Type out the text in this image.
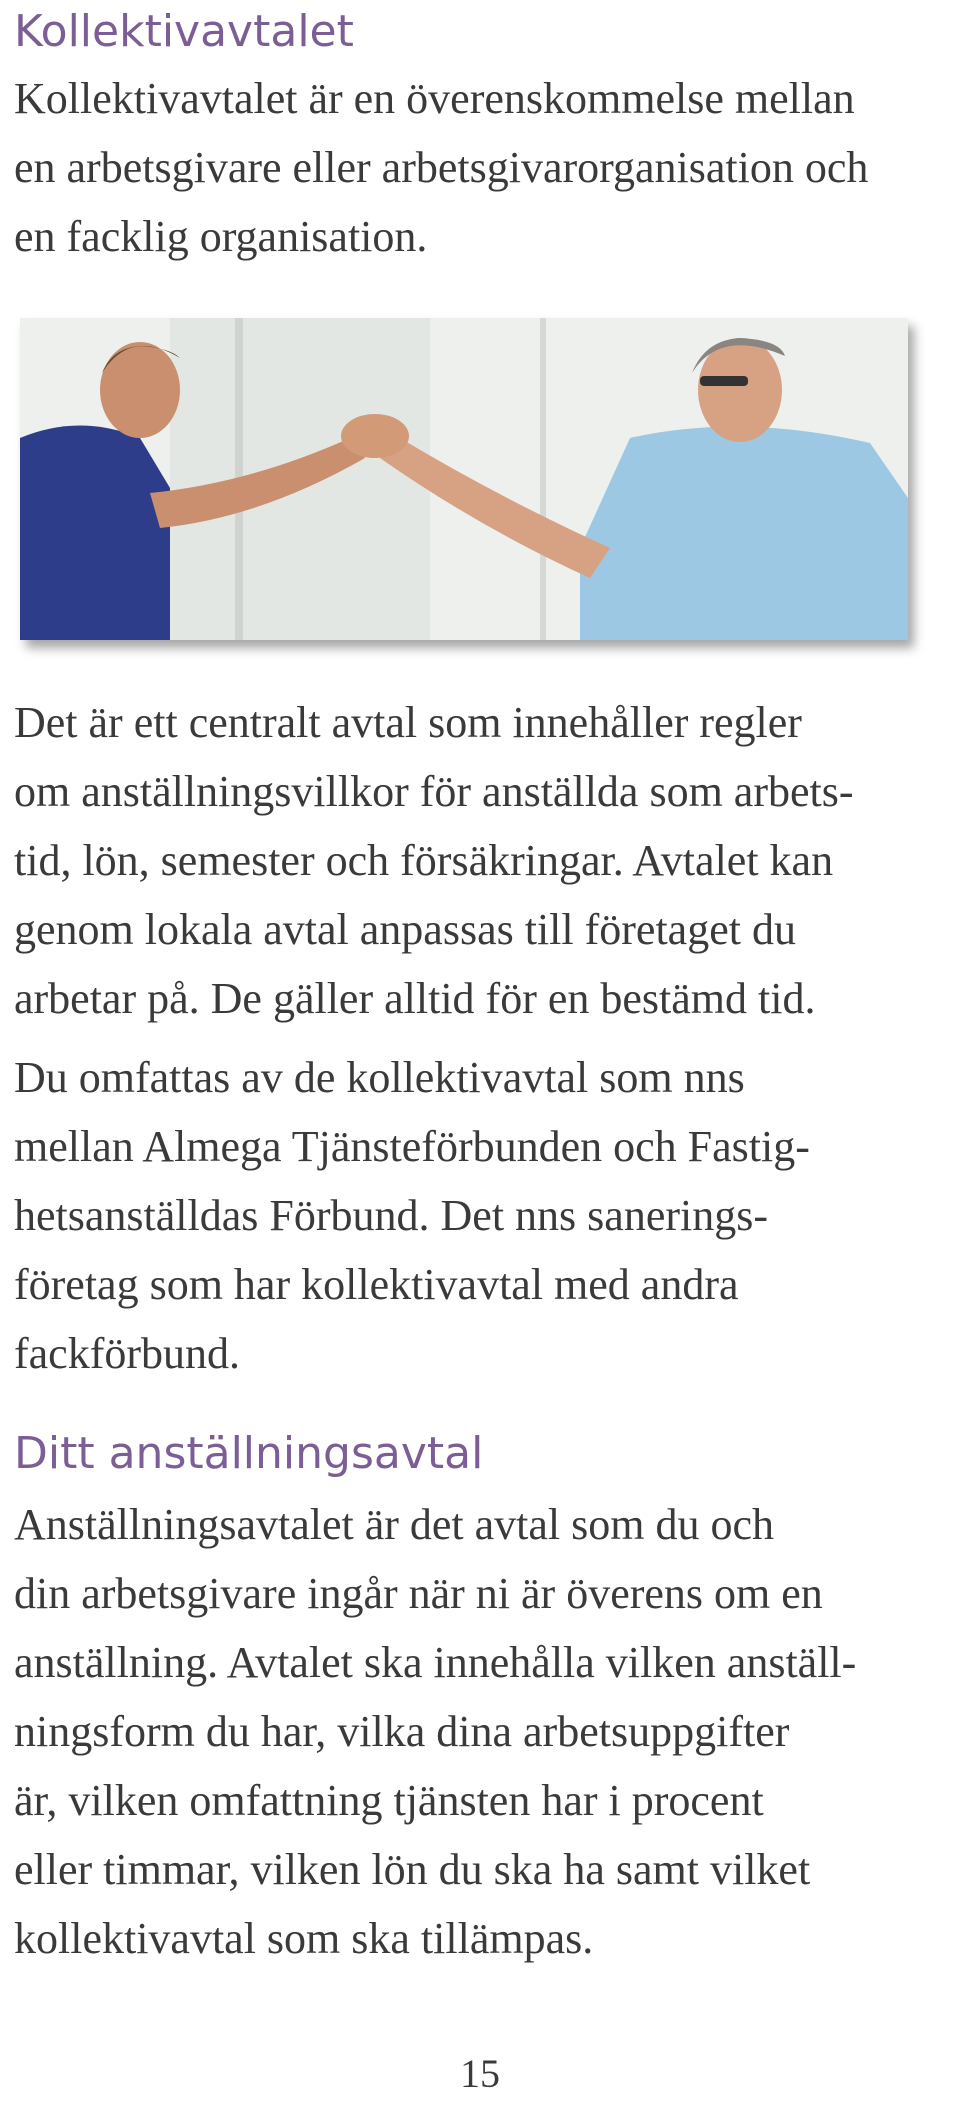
Kollektivavtalet

Kollektivavtalet är en överenskommelse mellan
en arbetsgivare eller arbetsgivarorganisation och
en facklig organisation.

Det är ett centralt avtal som innehåller regler
om anställningsvillkor för anställda som arbets-
tid, lön, semester och försäkringar. Avtalet kan
genom lokala avtal anpassas till företaget du
arbetar på. De gäller alltid för en bestämd tid.

Du omfattas av de kollektivavtal som nns
mellan Almega Tjänsteförbunden och Fastig-
hetsanställdas Förbund. Det nns sanerings-
företag som har kollektivavtal med andra
fackförbund.

Ditt anställningsavtal

Anställningsavtalet är det avtal som du och
din arbetsgivare ingår när ni är överens om en
anställning. Avtalet ska innehålla vilken anställ-
ningsform du har, vilka dina arbetsuppgifter
är, vilken omfattning tjänsten har i procent
eller timmar, vilken lön du ska ha samt vilket
kollektivavtal som ska tillämpas.

15
